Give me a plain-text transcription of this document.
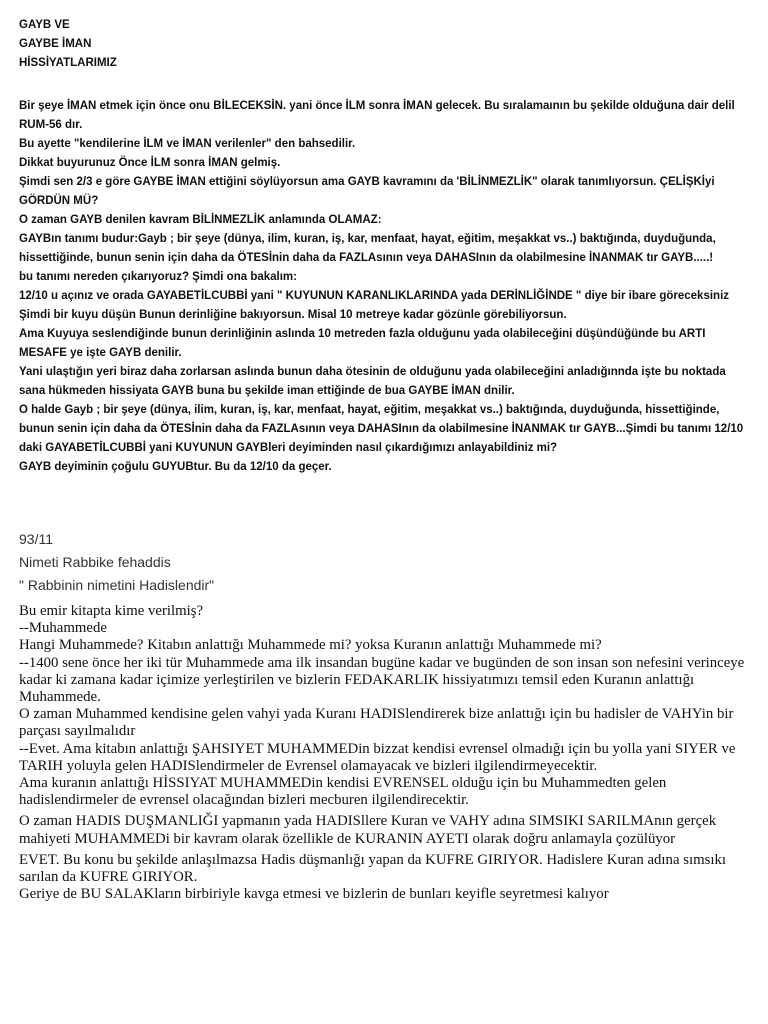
GAYB VE

GAYBE İMAN

HİSSİYATLARIMIZ

Bir şeye İMAN etmek için önce onu BİLECEKSİN. yani önce İLM sonra İMAN gelecek. Bu sıralamaının bu şekilde olduğuna dair delil RUM-56 dır.

Bu ayette "kendilerine İLM ve İMAN verilenler" den bahsedilir.

Dikkat buyurunuz Önce İLM sonra İMAN gelmiş.

Şimdi sen 2/3 e göre GAYBE İMAN ettiğini söylüyorsun ama GAYB kavramını da 'BİLİNMEZLİK" olarak tanımlıyorsun. ÇELİŞKİyi GÖRDÜN MÜ?

O zaman GAYB denilen kavram BİLİNMEZLİK anlamında OLAMAZ:

GAYBın tanımı budur:Gayb ; bir şeye (dünya, ilim, kuran, iş, kar, menfaat, hayat, eğitim, meşakkat vs..) baktığında, duyduğunda, hissettiğinde, bunun senin için daha da ÖTESİnin daha da FAZLAsının veya DAHASInın da olabilmesine İNANMAK tır GAYB.....!

bu tanımı nereden çıkarıyoruz? Şimdi ona bakalım:

12/10 u açınız ve orada GAYABETİLCUBBİ yani " KUYUNUN KARANLIKLARINDA yada DERİNLİĞİNDE " diye bir ibare göreceksiniz

Şimdi bir kuyu düşün Bunun derinliğine bakıyorsun. Misal 10 metreye kadar gözünle görebiliyorsun.

Ama Kuyuya seslendiğinde bunun derinliğinin aslında 10 metreden fazla olduğunu yada olabileceğini düşündüğünde bu ARTI MESAFE ye işte GAYB denilir.

Yani ulaştığın yeri biraz daha zorlarsan aslında bunun daha ötesinin de olduğunu yada olabileceğini anladığınnda işte bu noktada sana hükmeden hissiyata GAYB buna bu şekilde iman ettiğinde de bua GAYBE İMAN dnilir.

O halde Gayb ; bir şeye (dünya, ilim, kuran, iş, kar, menfaat, hayat, eğitim, meşakkat vs..) baktığında, duyduğunda, hissettiğinde, bunun senin için daha da ÖTESİnin daha da FAZLAsının veya DAHASInın da olabilmesine İNANMAK tır GAYB...Şimdi bu tanımı 12/10 daki GAYABETİLCUBBİ yani KUYUNUN GAYBleri deyiminden nasıl çıkardığımızı anlayabildiniz mi?

GAYB deyiminin çoğulu GUYUBtur. Bu da 12/10 da geçer.

93/11

Nimeti Rabbike fehaddis

" Rabbinin nimetini Hadislendir"

Bu emir kitapta kime verilmiş?

--Muhammede

Hangi Muhammede? Kitabın anlattığı Muhammede mi? yoksa Kuranın anlattığı Muhammede mi?

--1400 sene önce her iki tür Muhammede ama ilk insandan bugüne kadar ve bugünden de son insan son nefesini verinceye kadar ki zamana kadar içimize yerleştirilen ve bizlerin FEDAKARLIK hissiyatımızı temsil eden Kuranın anlattığı Muhammede.

O zaman Muhammed kendisine gelen vahyi yada Kuranı HADISlendirerek bize anlattığı için bu hadisler de VAHYin bir parçası sayılmalıdır

--Evet. Ama kitabın anlattığı ŞAHSIYET MUHAMMEDin bizzat kendisi evrensel olmadığı için bu yolla yani SIYER ve TARIH yoluyla gelen HADISlendirmeler de Evrensel olamayacak ve bizleri ilgilendirmeyecektir.

Ama kuranın anlattığı HİSSIYAT MUHAMMEDin kendisi EVRENSEL olduğu için bu Muhammedten gelen hadislendirmeler de evrensel olacağından bizleri mecburen ilgilendirecektir.

O zaman HADIS DUŞMANLIĞI yapmanın yada HADISllere Kuran ve VAHY adına SIMSIKI SARILMAnın gerçek mahiyeti MUHAMMEDi bir kavram olarak özellikle de KURANIN AYETI olarak doğru anlamayla çozülüyor

EVET. Bu konu bu şekilde anlaşılmazsa Hadis düşmanlığı yapan da KUFRE GIRIYOR. Hadislere Kuran adına sımsıkı sarılan da KUFRE GIRIYOR.

Geriye de BU SALAKların birbiriyle kavga etmesi ve bizlerin de bunları keyifle seyretmesi kalıyor
